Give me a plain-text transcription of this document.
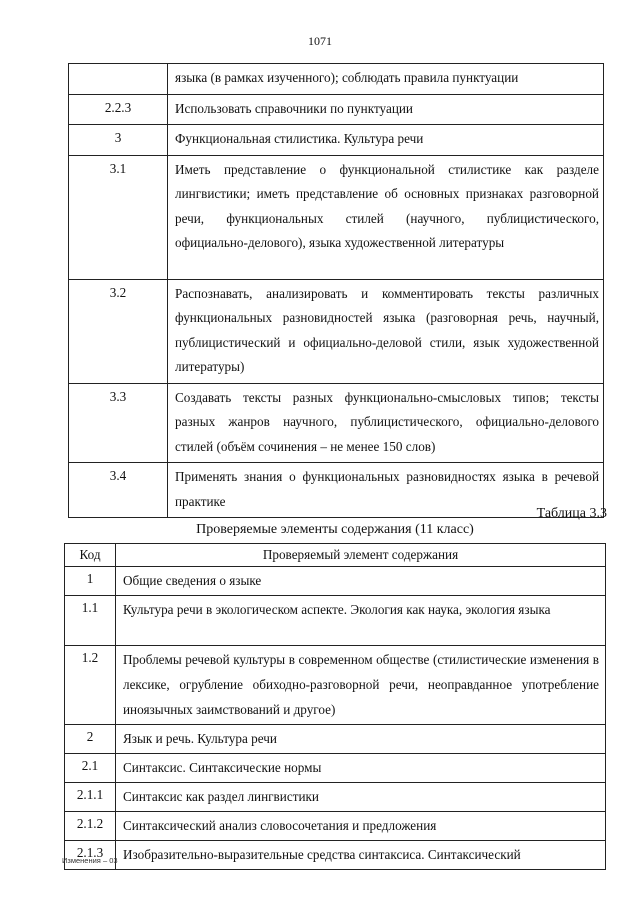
1071
	языка (в рамках изученного); соблюдать правила пунктуации
2.2.3	Использовать справочники по пунктуации
3	Функциональная стилистика. Культура речи
3.1	Иметь представление о функциональной стилистике как разделе лингвистики; иметь представление об основных признаках разговорной речи, функциональных стилей (научного, публицистического, официально-делового), языка художественной литературы
3.2	Распознавать, анализировать и комментировать тексты различных функциональных разновидностей языка (разговорная речь, научный, публицистический и официально-деловой стили, язык художественной литературы)
3.3	Создавать тексты разных функционально-смысловых типов; тексты разных жанров научного, публицистического, официально-делового стилей (объём сочинения – не менее 150 слов)
3.4	Применять знания о функциональных разновидностях языка в речевой практике
Таблица 3.3
Проверяемые элементы содержания (11 класс)
Код	Проверяемый элемент содержания
1	Общие сведения о языке
1.1	Культура речи в экологическом аспекте. Экология как наука, экология языка
1.2	Проблемы речевой культуры в современном обществе (стилистические изменения в лексике, огрубление обиходно-разговорной речи, неоправданное употребление иноязычных заимствований и другое)
2	Язык и речь. Культура речи
2.1	Синтаксис. Синтаксические нормы
2.1.1	Синтаксис как раздел лингвистики
2.1.2	Синтаксический анализ словосочетания и предложения
2.1.3	Изобразительно-выразительные средства синтаксиса. Синтаксический
Изменения – 03
